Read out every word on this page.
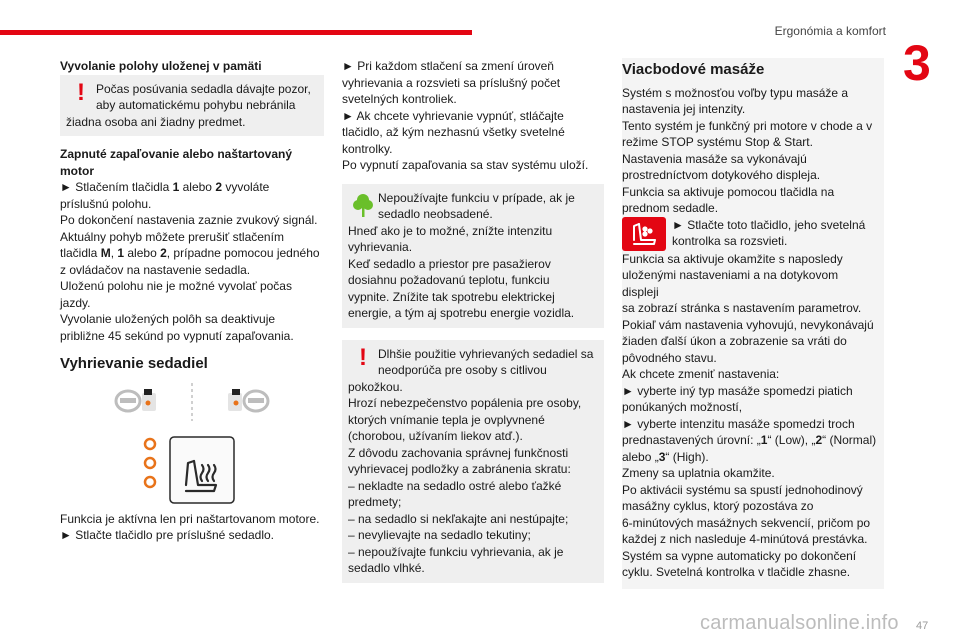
Ergonómia a komfort
3

Vyvolanie polohy uloženej v pamäti

! Počas posúvania sedadla dávajte pozor,

aby automatickému pohybu nebránila

žiadna osoba ani žiadny predmet.

Zapnuté zapaľovanie alebo naštartovaný

motor

► Stlačením tlačidla 1 alebo 2 vyvoláte

príslušnú polohu.

Po dokončení nastavenia zaznie zvukový signál.

Aktuálny pohyb môžete prerušiť stlačením

tlačidla M, 1 alebo 2, prípadne pomocou jedného

z ovládačov na nastavenie sedadla.

Uloženú polohu nie je možné vyvolať počas

jazdy.

Vyvolanie uložených polôh sa deaktivuje

približne 45 sekúnd po vypnutí zapaľovania.

Vyhrievanie sedadiel

Funkcia je aktívna len pri naštartovanom motore.

► Stlačte tlačidlo pre príslušné sedadlo.

► Pri každom stlačení sa zmení úroveň

vyhrievania a rozsvieti sa príslušný počet

svetelných kontroliek.

► Ak chcete vyhrievanie vypnúť, stláčajte

tlačidlo, až kým nezhasnú všetky svetelné

kontrolky.

Po vypnutí zapaľovania sa stav systému uloží.

Nepoužívajte funkciu v prípade, ak je

sedadlo neobsadené.

Hneď ako je to možné, znížte intenzitu

vyhrievania.

Keď sedadlo a priestor pre pasažierov

dosiahnu požadovanú teplotu, funkciu

vypnite. Znížite tak spotrebu elektrickej

energie, a tým aj spotrebu energie vozidla.

! Dlhšie použitie vyhrievaných sedadiel sa

neodporúča pre osoby s citlivou

pokožkou.

Hrozí nebezpečenstvo popálenia pre osoby,

ktorých vnímanie tepla je ovplyvnené

(chorobou, užívaním liekov atď.).

Z dôvodu zachovania správnej funkčnosti

vyhrievacej podložky a zabránenia skratu:

– nekladte na sedadlo ostré alebo ťažké

predmety;

– na sedadlo si nekľakajte ani nestúpajte;

– nevylievajte na sedadlo tekutiny;

– nepoužívajte funkciu vyhrievania, ak je

sedadlo vlhké.

Viacbodové masáže

Systém s možnosťou voľby typu masáže a

nastavenia jej intenzity.

Tento systém je funkčný pri motore v chode a v

režime STOP systému Stop & Start.

Nastavenia masáže sa vykonávajú

prostredníctvom dotykového displeja.

Funkcia sa aktivuje pomocou tlačidla na

prednom sedadle.

► Stlačte toto tlačidlo, jeho svetelná

kontrolka sa rozsvieti.

Funkcia sa aktivuje okamžite s naposledy

uloženými nastaveniami a na dotykovom displeji

sa zobrazí stránka s nastavením parametrov.

Pokiaľ vám nastavenia vyhovujú, nevykonávajú

žiaden ďalší úkon a zobrazenie sa vráti do

pôvodného stavu.

Ak chcete zmeniť nastavenia:

► vyberte iný typ masáže spomedzi piatich

ponúkaných možností,

► vyberte intenzitu masáže spomedzi troch

prednastavených úrovní: „1“ (Low), „2“ (Normal)

alebo „3“ (High).

Zmeny sa uplatnia okamžite.

Po aktivácii systému sa spustí jednohodinový

masážny cyklus, ktorý pozostáva zo

6-minútových masážnych sekvencií, pričom po

každej z nich nasleduje 4-minútová prestávka.

Systém sa vypne automaticky po dokončení

cyklu. Svetelná kontrolka v tlačidle zhasne.

carmanualsonline.info 47
